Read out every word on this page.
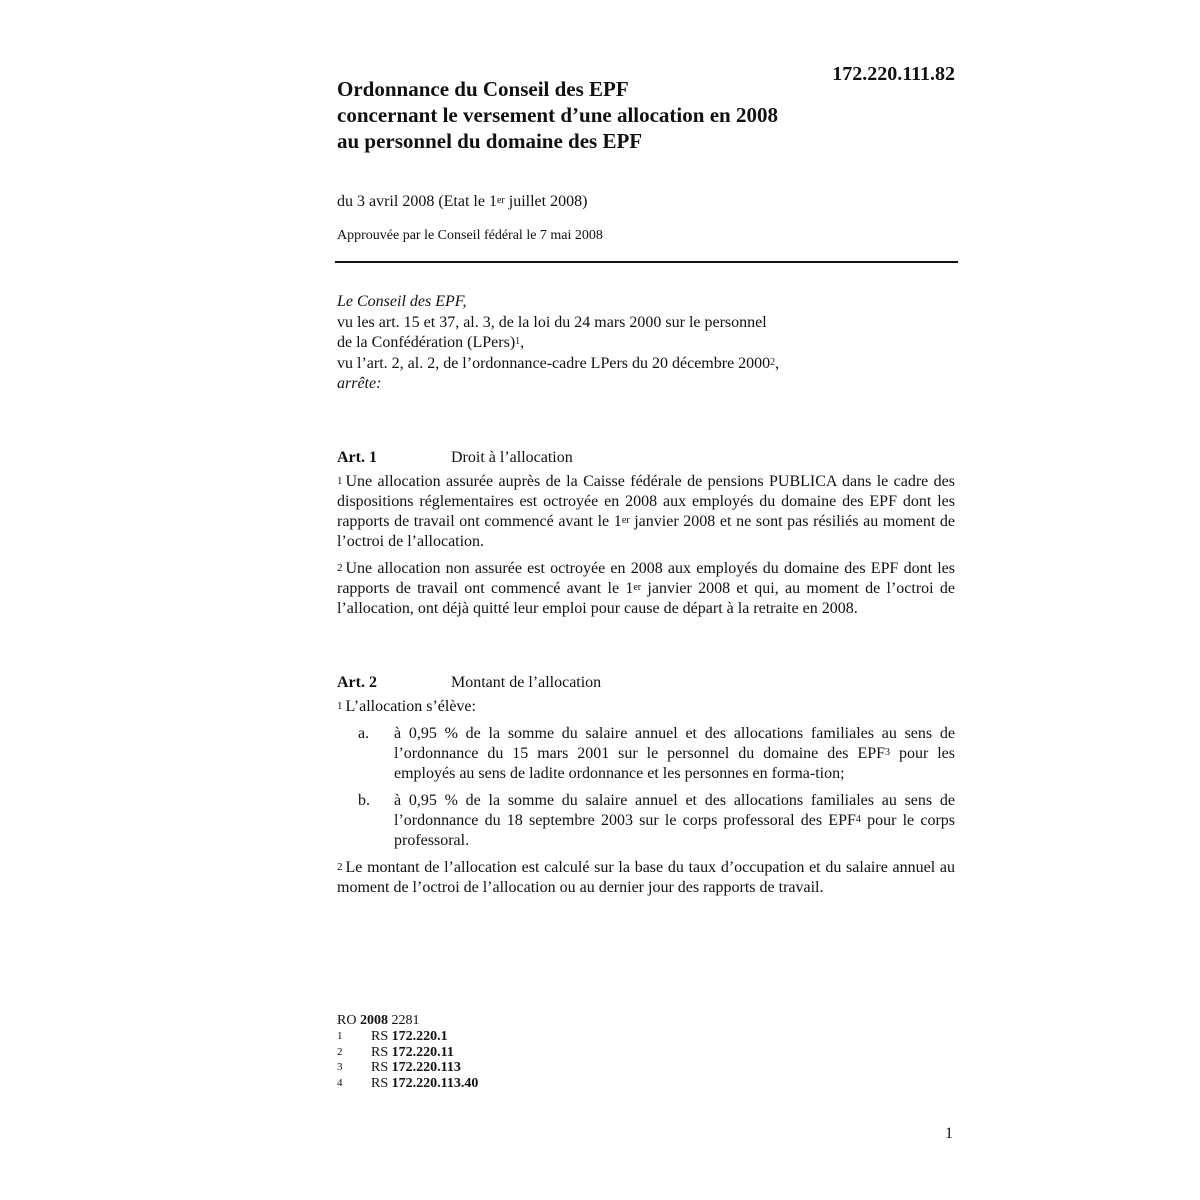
172.220.111.82
Ordonnance du Conseil des EPF
concernant le versement d’une allocation en 2008
au personnel du domaine des EPF
du 3 avril 2008 (Etat le 1er juillet 2008)
Approuvée par le Conseil fédéral le 7 mai 2008
Le Conseil des EPF,
vu les art. 15 et 37, al. 3, de la loi du 24 mars 2000 sur le personnel
de la Confédération (LPers)$^1$,
vu l’art. 2, al. 2, de l’ordonnance-cadre LPers du 20 décembre 2000$^2$,
arrête:
Art. 1	Droit à l’allocation

$^1$ Une allocation assurée auprès de la Caisse fédérale de pensions PUBLICA dans le cadre des dispositions réglementaires est octroyée en 2008 aux employés du domaine des EPF dont les rapports de travail ont commencé avant le 1er janvier 2008 et ne sont pas résiliés au moment de l’octroi de l’allocation.

$^2$ Une allocation non assurée est octroyée en 2008 aux employés du domaine des EPF dont les rapports de travail ont commencé avant le 1er janvier 2008 et qui, au moment de l’octroi de l’allocation, ont déjà quitté leur emploi pour cause de départ à la retraite en 2008.

Art. 2	Montant de l’allocation

$^1$ L’allocation s’élève:

a.	à 0,95 % de la somme du salaire annuel et des allocations familiales au sens de l’ordonnance du 15 mars 2001 sur le personnel du domaine des EPF$^3$ pour les employés au sens de ladite ordonnance et les personnes en forma-tion;
b.	à 0,95 % de la somme du salaire annuel et des allocations familiales au sens de l’ordonnance du 18 septembre 2003 sur le corps professoral des EPF$^4$ pour le corps professoral.

$^2$ Le montant de l’allocation est calculé sur la base du taux d’occupation et du salaire annuel au moment de l’octroi de l’allocation ou au dernier jour des rapports de travail.

RO 2008 2281
1	RS 172.220.1
2	RS 172.220.11
3	RS 172.220.113
4	RS 172.220.113.40
1
